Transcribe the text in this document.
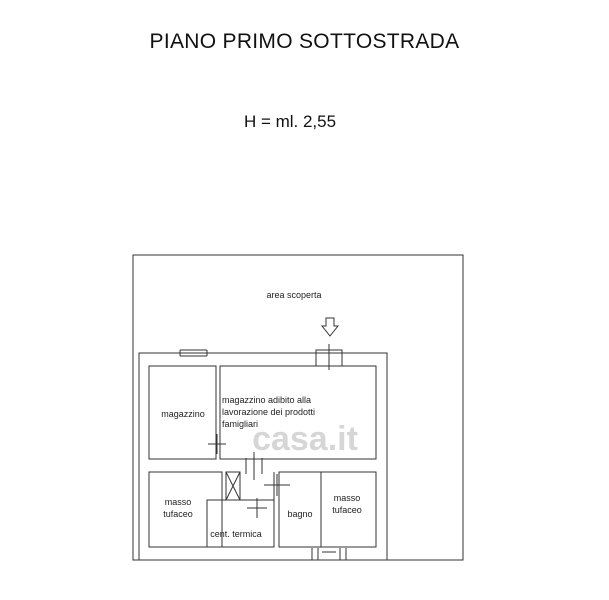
PIANO PRIMO SOTTOSTRADA
H = ml. 2,55
casa.it
area scoperta
magazzino
magazzino adibito alla
lavorazione dei prodotti
famigliari
masso
tufaceo
cent. termica
bagno
masso
tufaceo
